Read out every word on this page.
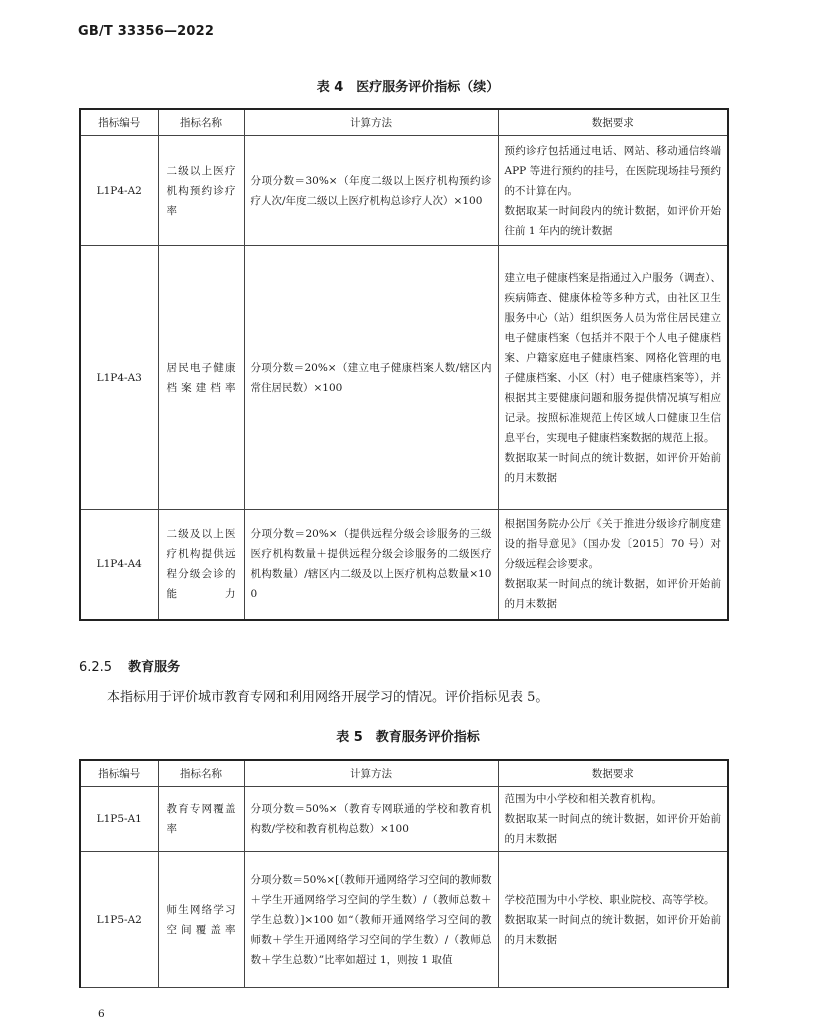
GB/T 33356—2022
表 4　医疗服务评价指标（续）
指标编号	指标名称	计算方法	数据要求
L1P4-A2	二级以上医疗机构预约诊疗率	分项分数＝30%×（年度二级以上医疗机构预约诊疗人次/年度二级以上医疗机构总诊疗人次）×100	预约诊疗包括通过电话、网站、移动通信终端 APP 等进行预约的挂号，在医院现场挂号预约的不计算在内。
数据取某一时间段内的统计数据，如评价开始往前 1 年内的统计数据

L1P4-A3	居民电子健康档案建档率	分项分数＝20%×（建立电子健康档案人数/辖区内常住居民数）×100	建立电子健康档案是指通过入户服务（调查）、疾病筛查、健康体检等多种方式，由社区卫生服务中心（站）组织医务人员为常住居民建立电子健康档案（包括并不限于个人电子健康档案、户籍家庭电子健康档案、网格化管理的电子健康档案、小区（村）电子健康档案等），并根据其主要健康问题和服务提供情况填写相应记录。按照标准规范上传区域人口健康卫生信息平台，实现电子健康档案数据的规范上报。
数据取某一时间点的统计数据，如评价开始前的月末数据

L1P4-A4	二级及以上医疗机构提供远程分级会诊的能力	分项分数＝20%×（提供远程分级会诊服务的三级医疗机构数量＋提供远程分级会诊服务的二级医疗机构数量）/辖区内二级及以上医疗机构总数量×100	根据国务院办公厅《关于推进分级诊疗制度建设的指导意见》（国办发〔2015〕70 号）对分级远程会诊要求。
数据取某一时间点的统计数据，如评价开始前的月末数据
6.2.5 教育服务
本指标用于评价城市教育专网和利用网络开展学习的情况。评价指标见表 5。
表 5　教育服务评价指标
指标编号	指标名称	计算方法	数据要求
L1P5-A1	教育专网覆盖率	分项分数＝50%×（教育专网联通的学校和教育机构数/学校和教育机构总数）×100	范围为中小学校和相关教育机构。
数据取某一时间点的统计数据，如评价开始前的月末数据

L1P5-A2	师生网络学习空间覆盖率	分项分数＝50%×[（教师开通网络学习空间的教师数＋学生开通网络学习空间的学生数）/（教师总数＋学生总数）]×100 如“（教师开通网络学习空间的教师数＋学生开通网络学习空间的学生数）/（教师总数＋学生总数）”比率如超过 1，则按 1 取值	学校范围为中小学校、职业院校、高等学校。
数据取某一时间点的统计数据，如评价开始前的月末数据
6
